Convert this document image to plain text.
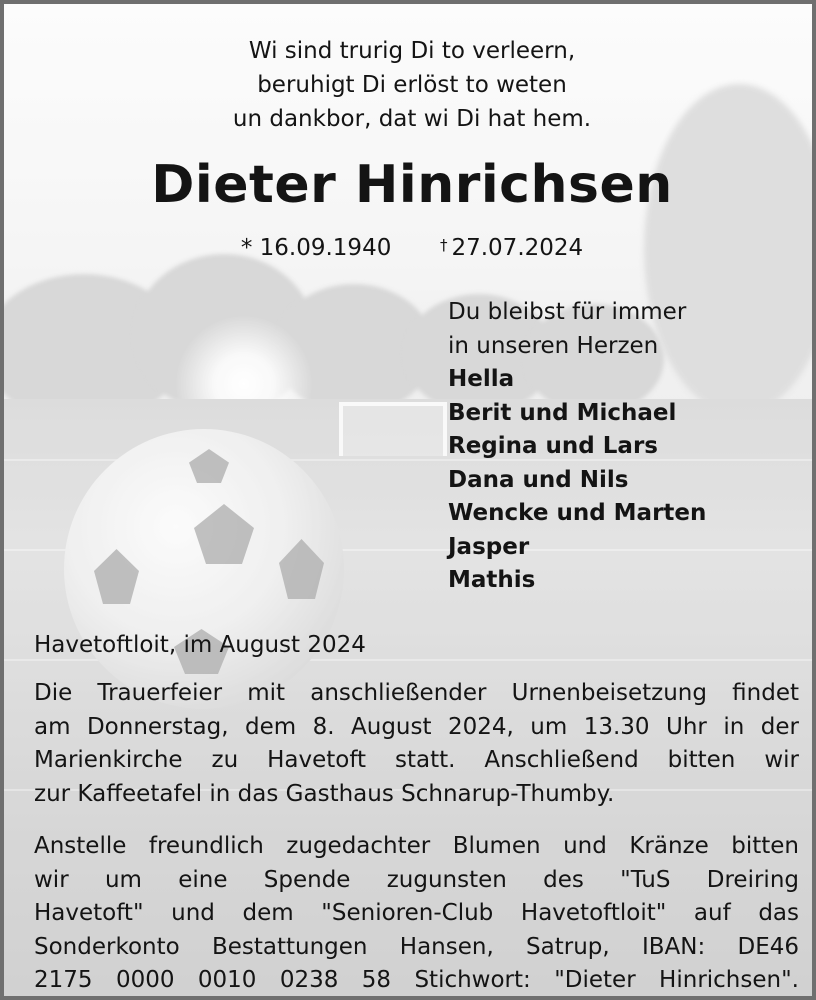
Wi sind trurig Di to verleern,
beruhigt Di erlöst to weten
un dankbor, dat wi Di hat hem.
Dieter Hinrichsen
* 16.09.1940	† 27.07.2024
Du bleibst für immer
in unseren Herzen
Hella
Berit und Michael
Regina und Lars
Dana und Nils
Wencke und Marten
Jasper
Mathis
Havetoftloit, im August 2024
Die Trauerfeier mit anschließender Urnenbeisetzung findet
am Donnerstag, dem 8. August 2024, um 13.30 Uhr in der
Marienkirche zu Havetoft statt. Anschließend bitten wir
zur Kaffeetafel in das Gasthaus Schnarup-Thumby.
Anstelle freundlich zugedachter Blumen und Kränze bitten
wir um eine Spende zugunsten des "TuS Dreiring
Havetoft" und dem "Senioren-Club Havetoftloit" auf das
Sonderkonto Bestattungen Hansen, Satrup, IBAN: DE46
2175 0000 0010 0238 58 Stichwort: "Dieter Hinrichsen".
